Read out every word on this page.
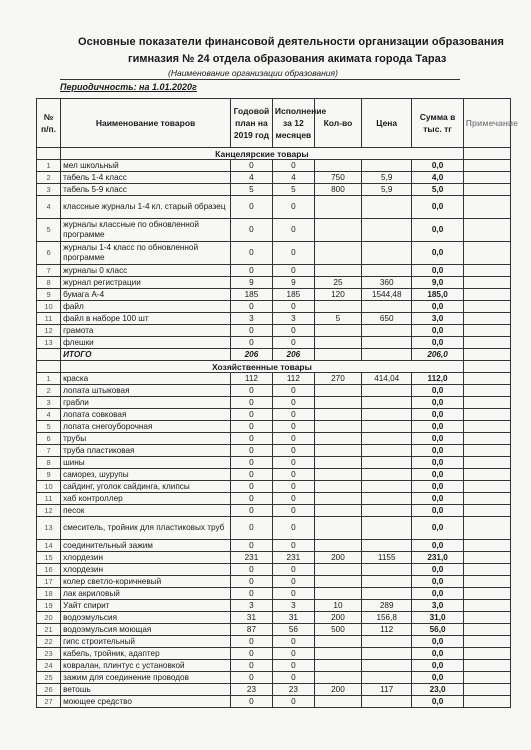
Основные показатели финансовой деятельности организации образования
гимназия № 24 отдела образования акимата города Тараз
(Наименование организации образования)
Периодичность: на 1.01.2020г
№ п/п.	Наименование товаров	Годовой план на 2019 год	Исполнение за 12 месяцев	Кол-во	Цена	Сумма в тыс. тг	Примечание
	Канцелярские товары						
1	мел школьный	0	0			0,0	
2	табель 1-4 класс	4	4	750	5,9	4,0	
3	табель 5-9 класс	5	5	800	5,9	5,0	
4	классные журналы 1-4 кл. старый образец	0	0			0,0	
5	журналы классные по обновленной программе	0	0			0,0	
6	журналы 1-4 класс по обновленной программе	0	0			0,0	
7	журналы 0 класс	0	0			0,0	
8	журнал регистрации	9	9	25	360	9,0	
9	бумага А-4	185	185	120	1544,48	185,0	
10	файл	0	0			0,0	
11	файл в наборе 100 шт	3	3	5	650	3,0	
12	грамота	0	0			0,0	
13	флешки	0	0			0,0	
	ИТОГО	206	206			206,0	
	Хозяйственные товары						
1	краска	112	112	270	414,04	112,0	
2	лопата штыковая	0	0			0,0	
3	грабли	0	0			0,0	
4	лопата совковая	0	0			0,0	
5	лопата снегоуборочная	0	0			0,0	
6	трубы	0	0			0,0	
7	труба пластиковая	0	0			0,0	
8	шины	0	0			0,0	
9	саморез, шурупы	0	0			0,0	
10	сайдинг, уголок сайдинга, клипсы	0	0			0,0	
11	хаб контроллер	0	0			0,0	
12	песок	0	0			0,0	
13	смеситель, тройник для пластиковых труб	0	0			0,0	
14	соединительный зажим	0	0			0,0	
15	хлордезин	231	231	200	1155	231,0	
16	хлордезин	0	0			0,0	
17	колер светло-коричневый	0	0			0,0	
18	лак акриловый	0	0			0,0	
19	Уайт спирит	3	3	10	289	3,0	
20	водоэмульсия	31	31	200	156,8	31,0	
21	водоэмульсия моющая	87	56	500	112	56,0	
22	гипс строительный	0	0			0,0	
23	кабель, тройник, адаптер	0	0			0,0	
24	ковралан, плинтус с установкой	0	0			0,0	
25	зажим для соединение проводов	0	0			0,0	
26	ветошь	23	23	200	117	23,0	
27	моющее средство	0	0			0,0	
